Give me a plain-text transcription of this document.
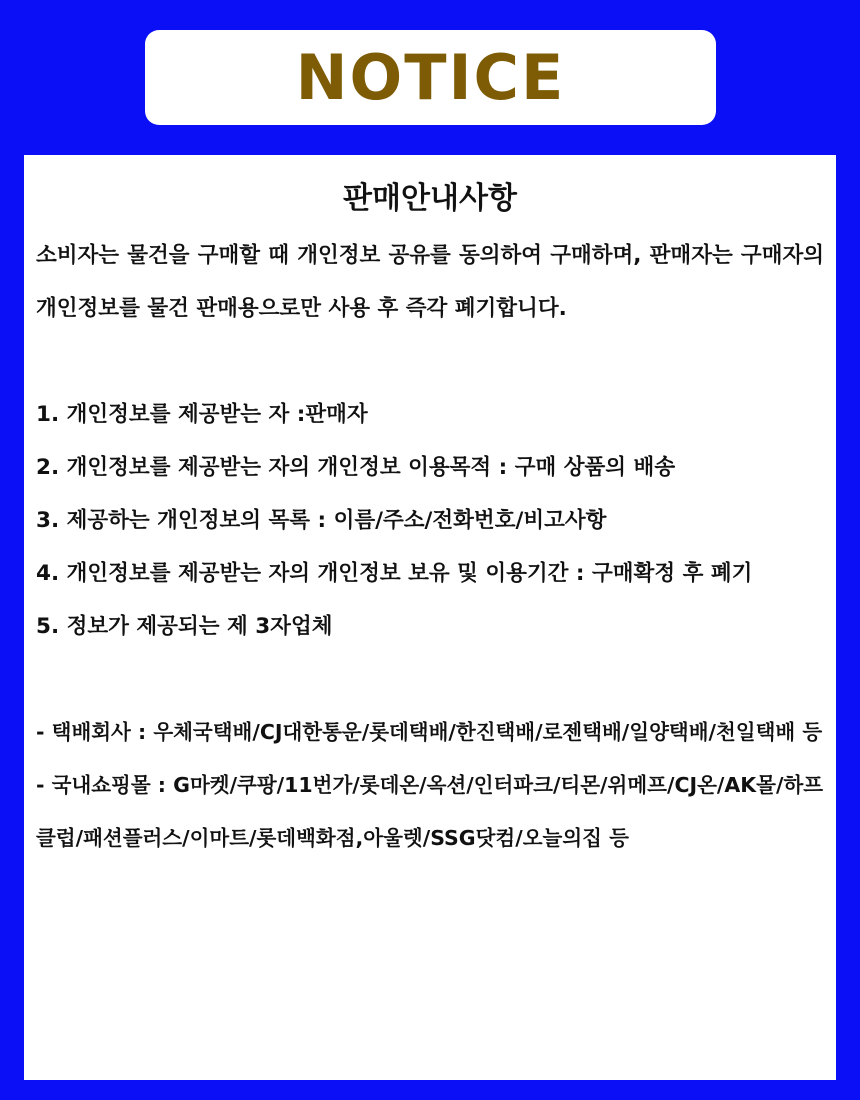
NOTICE
판매안내사항

소비자는 물건을 구매할 때 개인정보 공유를 동의하여 구매하며, 판매자는 구매자의 개인정보를 물건 판매용으로만 사용 후 즉각 폐기합니다.

1. 개인정보를 제공받는 자 :판매자

2. 개인정보를 제공받는 자의 개인정보 이용목적 : 구매 상품의 배송

3. 제공하는 개인정보의 목록 : 이름/주소/전화번호/비고사항

4. 개인정보를 제공받는 자의 개인정보 보유 및 이용기간 : 구매확정 후 폐기

5. 정보가 제공되는 제 3자업체

- 택배회사 : 우체국택배/CJ대한통운/롯데택배/한진택배/로젠택배/일양택배/천일택배 등

- 국내쇼핑몰 : G마켓/쿠팡/11번가/롯데온/옥션/인터파크/티몬/위메프/CJ온/AK몰/하프클럽/패션플러스/이마트/롯데백화점,아울렛/SSG닷컴/오늘의집 등
